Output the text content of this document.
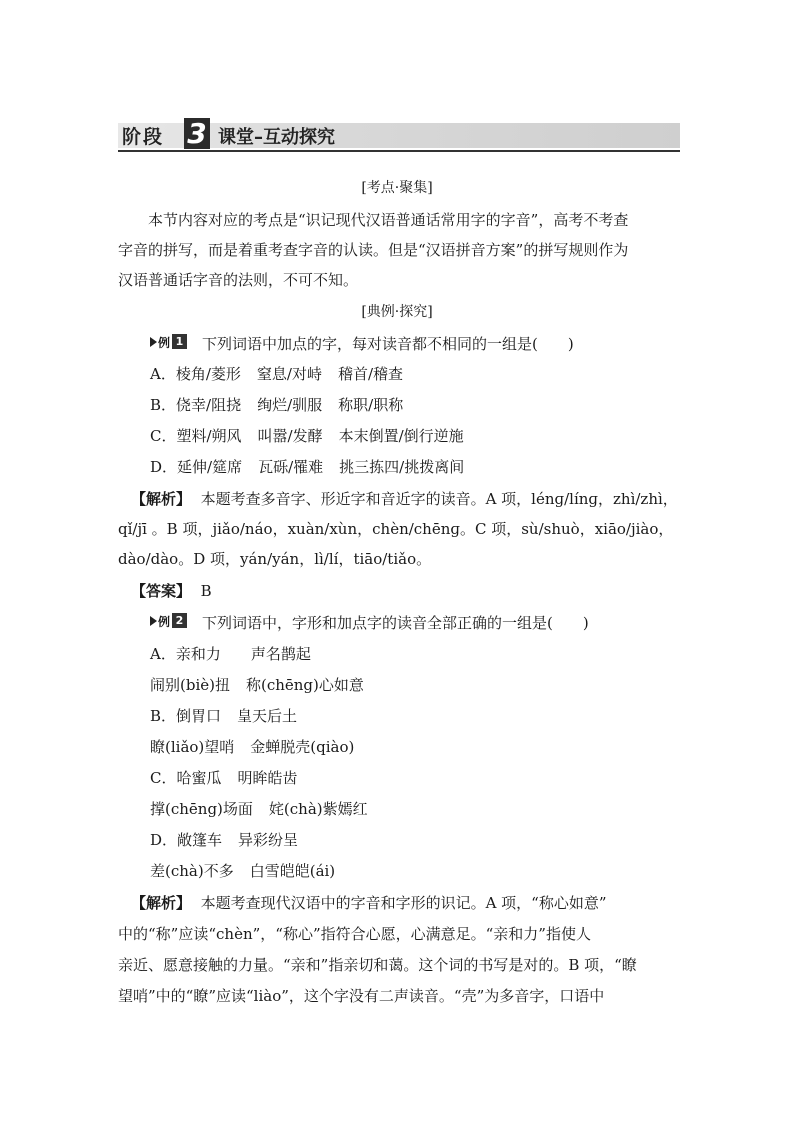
阶段 3 课堂–互动探究
[考点·聚集]
本节内容对应的考点是“识记现代汉语普通话常用字的字音”，高考不考查
字音的拼写，而是着重考查字音的认读。但是“汉语拼音方案”的拼写规则作为
汉语普通话字音的法则，不可不知。
[典例·探究]
例 1 下列词语中加点的字，每对读音都不相同的一组是(　　)
A．棱角/菱形 窒息/对峙 稽首/稽查
B．侥幸/阻挠 绚烂/驯服 称职/职称
C．塑料/朔风 叫嚣/发酵 本末倒置/倒行逆施
D．延伸/筵席 瓦砾/罹难 挑三拣四/挑拨离间
【解析】 本题考查多音字、形近字和音近字的读音。A 项，lénɡ/línɡ，zhì/zhì，
qǐ/jī 。B 项，jiǎo/náo，xuàn/xùn，chèn/chēnɡ。C 项，sù/shuò，xiāo/jiào，
dào/dào。D 项，yán/yán，lì/lí，tiāo/tiǎo。
【答案】 B
例 2 下列词语中，字形和加点字的读音全部正确的一组是(　　)
A．亲和力 声名鹊起
闹别(biè)扭 称(chēng)心如意
B．倒胃口 皇天后土
瞭(liǎo)望哨 金蝉脱壳(qiào)
C．哈蜜瓜 明眸皓齿
撑(chēng)场面 姹(chà)紫嫣红
D．敞篷车 异彩纷呈
差(chà)不多 白雪皑皑(ái)
【解析】 本题考查现代汉语中的字音和字形的识记。A 项，“称心如意”
中的“称”应读“chèn”，“称心”指符合心愿，心满意足。“亲和力”指使人
亲近、愿意接触的力量。“亲和”指亲切和蔼。这个词的书写是对的。B 项，“瞭
望哨”中的“瞭”应读“liào”，这个字没有二声读音。“壳”为多音字，口语中
